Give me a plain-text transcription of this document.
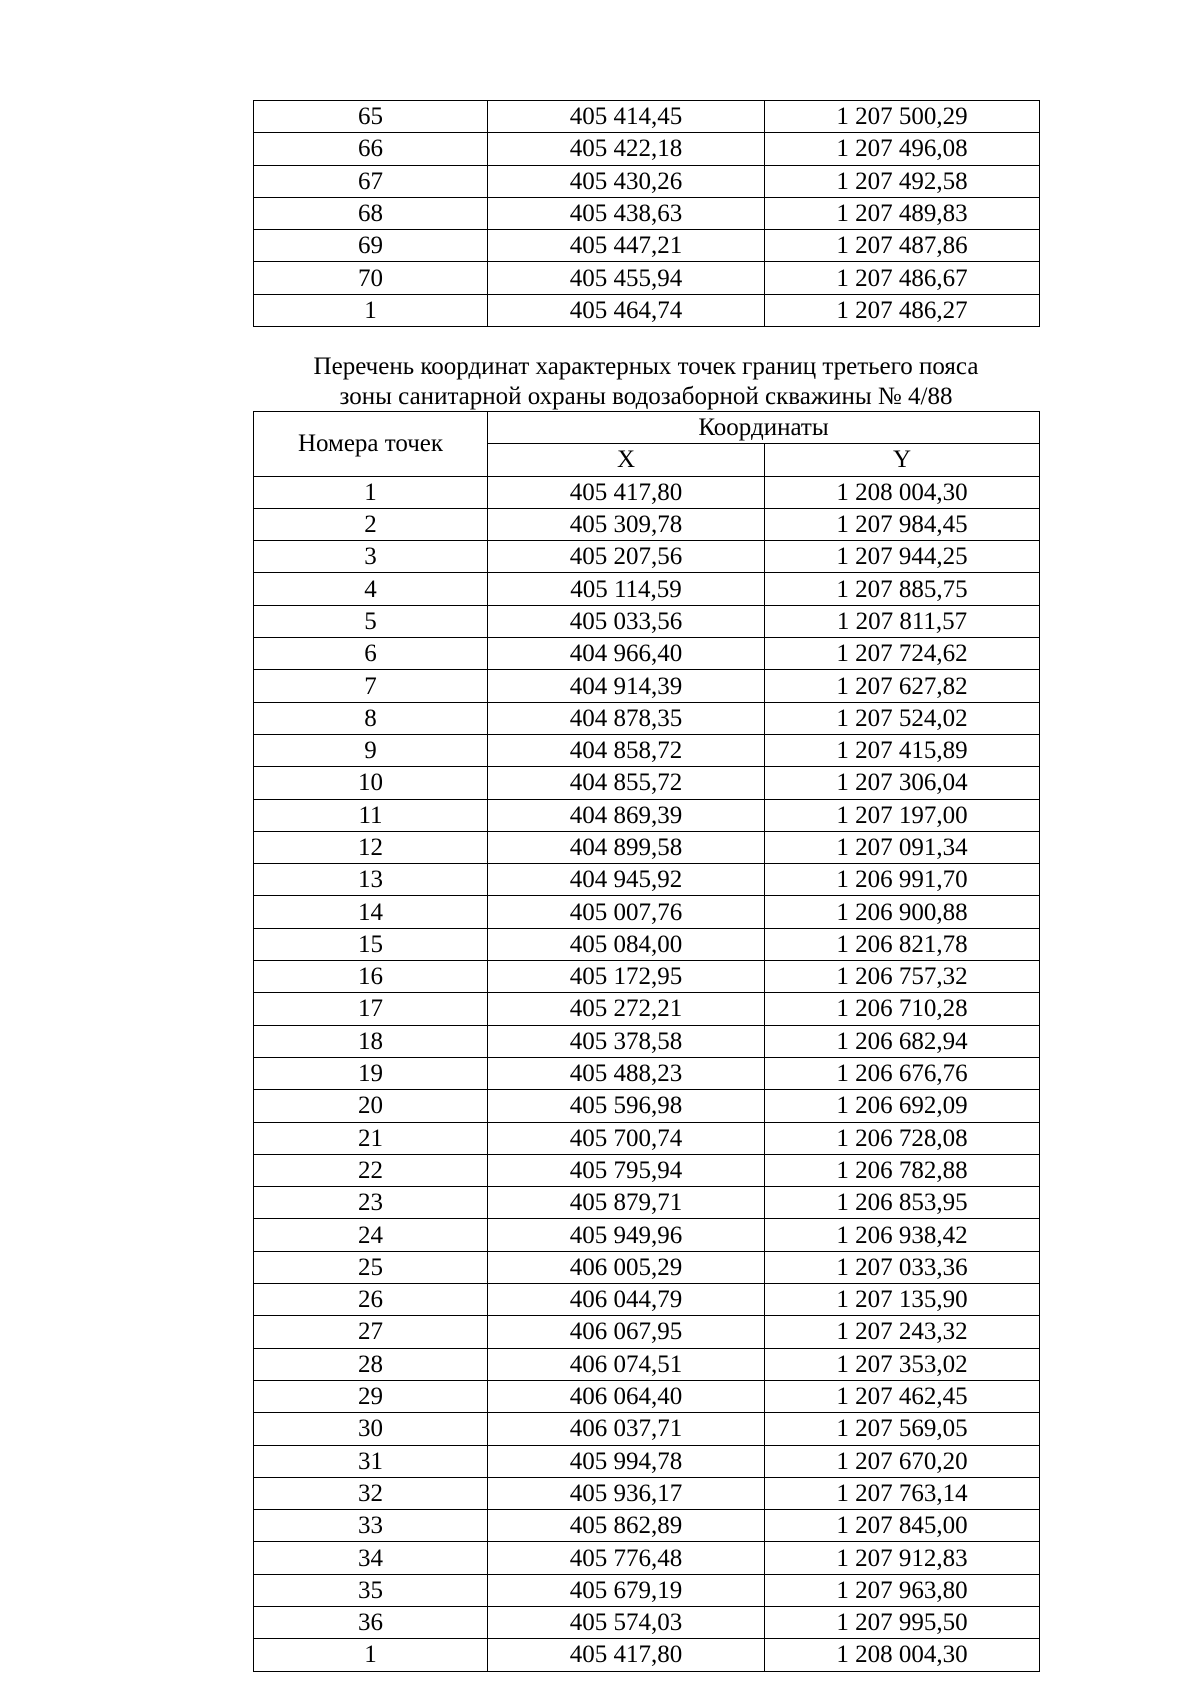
65	405 414,45	1 207 500,29
66	405 422,18	1 207 496,08
67	405 430,26	1 207 492,58
68	405 438,63	1 207 489,83
69	405 447,21	1 207 487,86
70	405 455,94	1 207 486,67
1	405 464,74	1 207 486,27
Перечень координат характерных точек границ третьего пояса
зоны санитарной охраны водозаборной скважины № 4/88
Номера точек	Координаты	
	X	Y
1	405 417,80	1 208 004,30
2	405 309,78	1 207 984,45
3	405 207,56	1 207 944,25
4	405 114,59	1 207 885,75
5	405 033,56	1 207 811,57
6	404 966,40	1 207 724,62
7	404 914,39	1 207 627,82
8	404 878,35	1 207 524,02
9	404 858,72	1 207 415,89
10	404 855,72	1 207 306,04
11	404 869,39	1 207 197,00
12	404 899,58	1 207 091,34
13	404 945,92	1 206 991,70
14	405 007,76	1 206 900,88
15	405 084,00	1 206 821,78
16	405 172,95	1 206 757,32
17	405 272,21	1 206 710,28
18	405 378,58	1 206 682,94
19	405 488,23	1 206 676,76
20	405 596,98	1 206 692,09
21	405 700,74	1 206 728,08
22	405 795,94	1 206 782,88
23	405 879,71	1 206 853,95
24	405 949,96	1 206 938,42
25	406 005,29	1 207 033,36
26	406 044,79	1 207 135,90
27	406 067,95	1 207 243,32
28	406 074,51	1 207 353,02
29	406 064,40	1 207 462,45
30	406 037,71	1 207 569,05
31	405 994,78	1 207 670,20
32	405 936,17	1 207 763,14
33	405 862,89	1 207 845,00
34	405 776,48	1 207 912,83
35	405 679,19	1 207 963,80
36	405 574,03	1 207 995,50
1	405 417,80	1 208 004,30
